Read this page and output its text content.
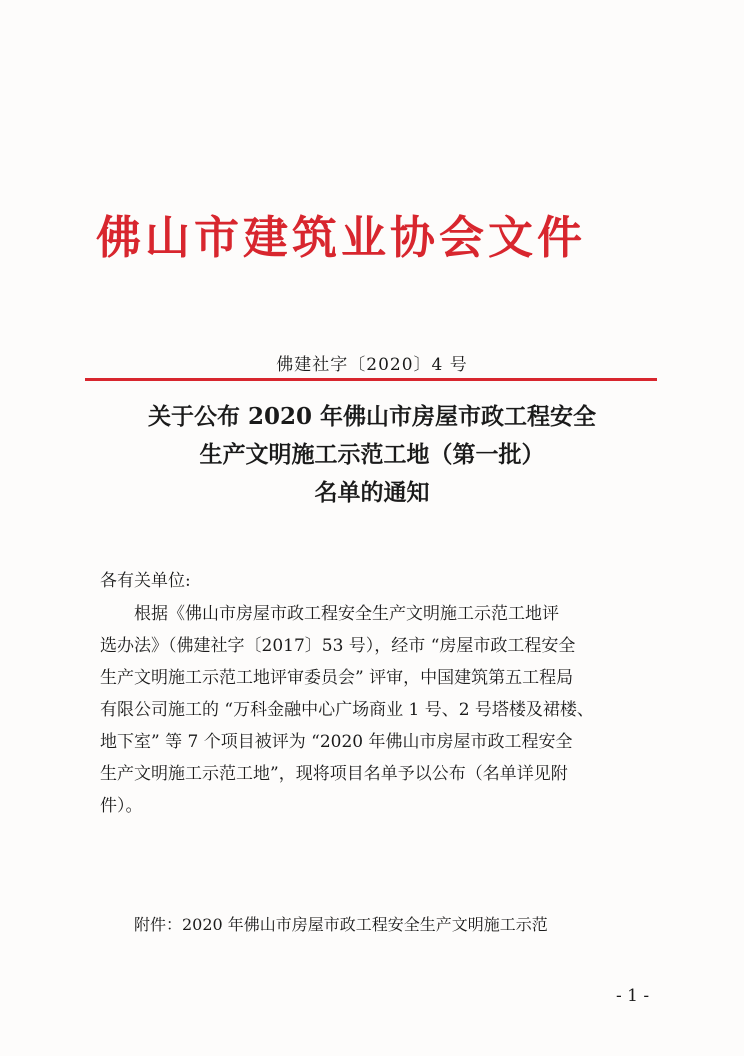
佛山市建筑业协会文件
佛建社字〔2020〕4 号
关于公布 2020 年佛山市房屋市政工程安全
生产文明施工示范工地（第一批）
名单的通知
各有关单位:
根据《佛山市房屋市政工程安全生产文明施工示范工地评
选办法》（佛建社字〔2017〕53 号），经市 “房屋市政工程安全
生产文明施工示范工地评审委员会” 评审，中国建筑第五工程局
有限公司施工的 “万科金融中心广场商业 1 号、2 号塔楼及裙楼、
地下室” 等 7 个项目被评为 “2020 年佛山市房屋市政工程安全
生产文明施工示范工地”，现将项目名单予以公布（名单详见附
件）。
附件：2020 年佛山市房屋市政工程安全生产文明施工示范
- 1 -
